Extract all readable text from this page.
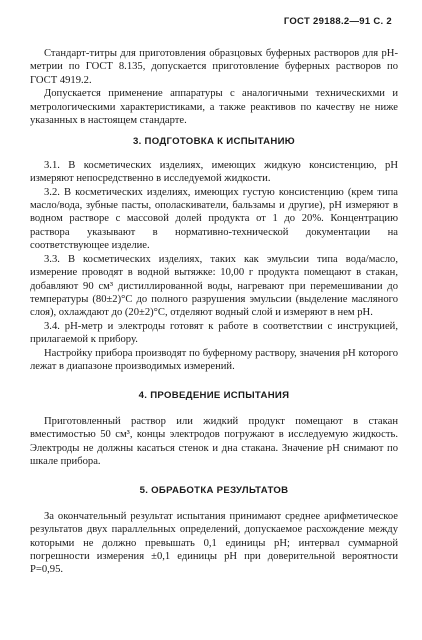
ГОСТ 29188.2—91 С. 2

Стандарт-титры для приготовления образцовых буферных растворов для pH-метрии по ГОСТ 8.135, допускается приготовление буферных растворов по ГОСТ 4919.2.

Допускается применение аппаратуры с аналогичными техническихми и метрологическими характеристиками, а также реактивов по качеству не ниже указанных в настоящем стандарте.

3. ПОДГОТОВКА К ИСПЫТАНИЮ

3.1. В косметических изделиях, имеющих жидкую консистенцию, pH измеряют непосредственно в исследуемой жидкости.

3.2. В косметических изделиях, имеющих густую консистенцию (крем типа масло/вода, зубные пасты, ополаскиватели, бальзамы и другие), pH измеряют в водном растворе с массовой долей продукта от 1 до 20%. Концентрацию раствора указывают в нормативно-технической документации на соответствующее изделие.

3.3. В косметических изделиях, таких как эмульсии типа вода/масло, измерение проводят в водной вытяжке: 10,00 г продукта помещают в стакан, добавляют 90 см³ дистиллированной воды, нагревают при перемешивании до температуры (80±2)°С до полного разрушения эмульсии (выделение масляного слоя), охлаждают до (20±2)°С, отделяют водный слой и измеряют в нем pH.

3.4. pH-метр и электроды готовят к работе в соответствии с инструкцией, прилагаемой к прибору.

Настройку прибора производят по буферному раствору, значения pH которого лежат в диапазоне производимых измерений.

4. ПРОВЕДЕНИЕ ИСПЫТАНИЯ

Приготовленный раствор или жидкий продукт помещают в стакан вместимостью 50 см³, концы электродов погружают в исследуемую жидкость. Электроды не должны касаться стенок и дна стакана. Значение pH снимают по шкале прибора.

5. ОБРАБОТКА РЕЗУЛЬТАТОВ

За окончательный результат испытания принимают среднее арифметическое результатов двух параллельных определений, допускаемое расхождение между которыми не должно превышать 0,1 единицы pH; интервал суммарной погрешности измерения ±0,1 единицы pH при доверительной вероятности P=0,95.
